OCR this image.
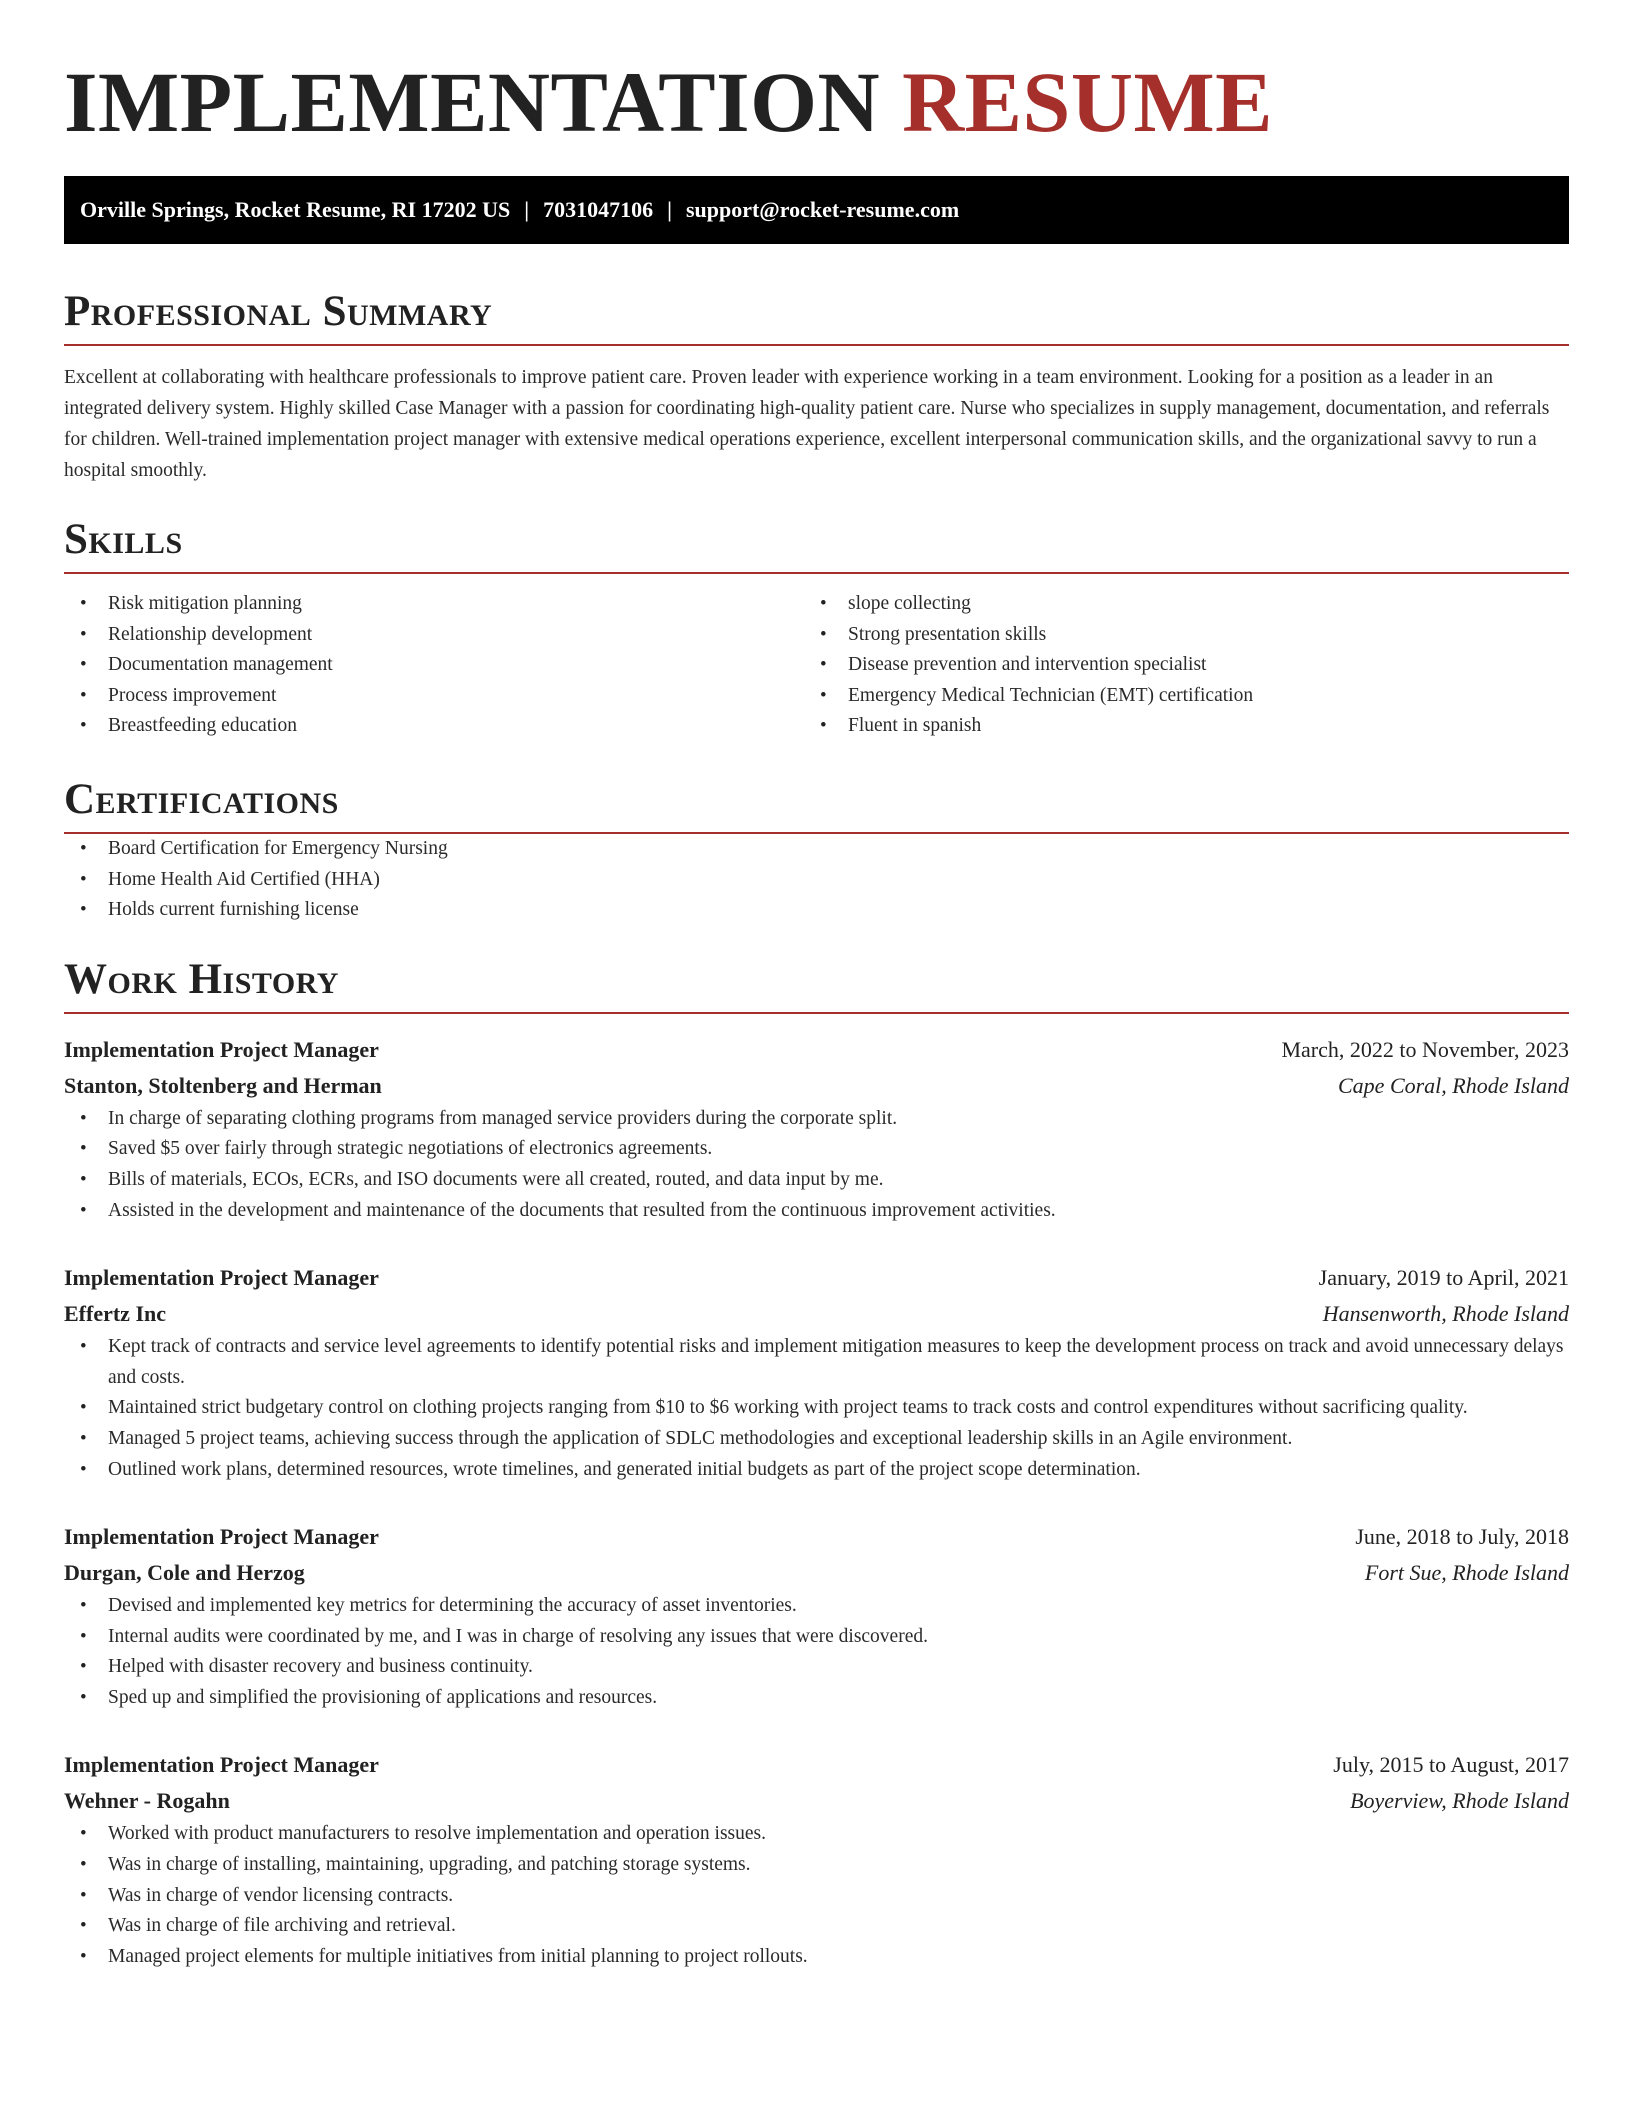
IMPLEMENTATION RESUME
Orville Springs, Rocket Resume, RI 17202 US | 7031047106 | support@rocket-resume.com
Professional Summary

Excellent at collaborating with healthcare professionals to improve patient care. Proven leader with experience working in a team environment. Looking for a position as a leader in an integrated delivery system. Highly skilled Case Manager with a passion for coordinating high-quality patient care. Nurse who specializes in supply management, documentation, and referrals for children. Well-trained implementation project manager with extensive medical operations experience, excellent interpersonal communication skills, and the organizational savvy to run a hospital smoothly.

Skills
• Risk mitigation planning
• Relationship development
• Documentation management
• Process improvement
• Breastfeeding education
• slope collecting
• Strong presentation skills
• Disease prevention and intervention specialist
• Emergency Medical Technician (EMT) certification
• Fluent in spanish
Certifications
• Board Certification for Emergency Nursing
• Home Health Aid Certified (HHA)
• Holds current furnishing license
Work History
Implementation Project Manager	March, 2022 to November, 2023
Stanton, Stoltenberg and Herman	Cape Coral, Rhode Island
• In charge of separating clothing programs from managed service providers during the corporate split.
• Saved $5 over fairly through strategic negotiations of electronics agreements.
• Bills of materials, ECOs, ECRs, and ISO documents were all created, routed, and data input by me.
• Assisted in the development and maintenance of the documents that resulted from the continuous improvement activities.
Implementation Project Manager	January, 2019 to April, 2021
Effertz Inc	Hansenworth, Rhode Island
• Kept track of contracts and service level agreements to identify potential risks and implement mitigation measures to keep the development process on track and avoid unnecessary delays and costs.
• Maintained strict budgetary control on clothing projects ranging from $10 to $6 working with project teams to track costs and control expenditures without sacrificing quality.
• Managed 5 project teams, achieving success through the application of SDLC methodologies and exceptional leadership skills in an Agile environment.
• Outlined work plans, determined resources, wrote timelines, and generated initial budgets as part of the project scope determination.
Implementation Project Manager	June, 2018 to July, 2018
Durgan, Cole and Herzog	Fort Sue, Rhode Island
• Devised and implemented key metrics for determining the accuracy of asset inventories.
• Internal audits were coordinated by me, and I was in charge of resolving any issues that were discovered.
• Helped with disaster recovery and business continuity.
• Sped up and simplified the provisioning of applications and resources.
Implementation Project Manager	July, 2015 to August, 2017
Wehner - Rogahn	Boyerview, Rhode Island
• Worked with product manufacturers to resolve implementation and operation issues.
• Was in charge of installing, maintaining, upgrading, and patching storage systems.
• Was in charge of vendor licensing contracts.
• Was in charge of file archiving and retrieval.
• Managed project elements for multiple initiatives from initial planning to project rollouts.
